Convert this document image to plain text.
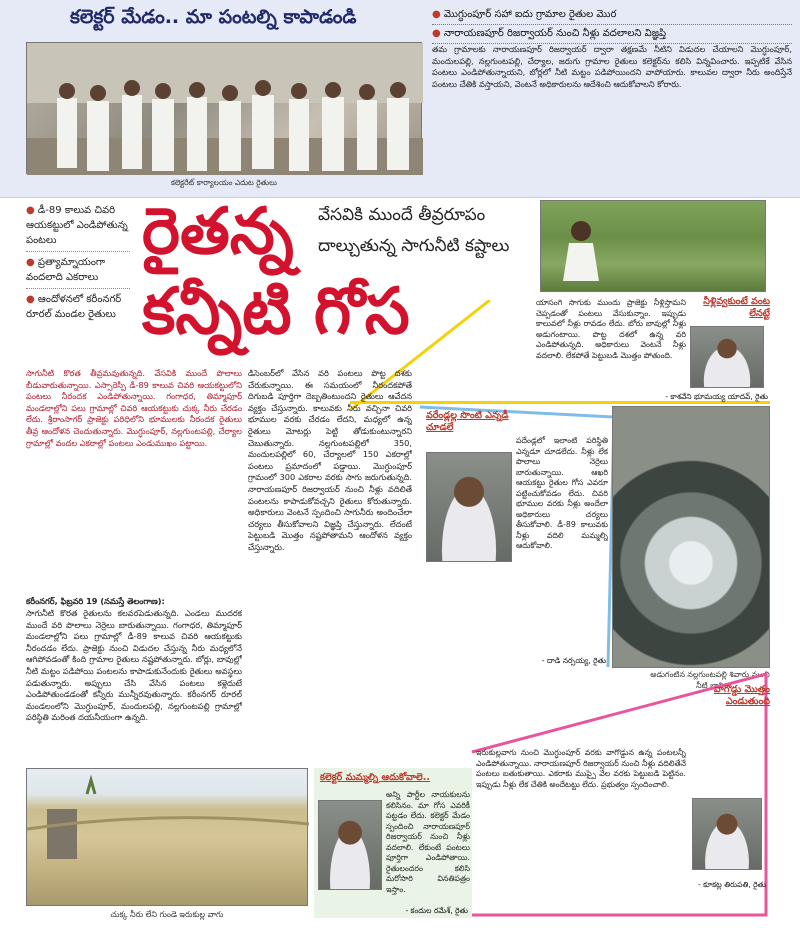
కలెక్టర్ మేడం.. మా పంటల్ని కాపాడండి
కలెక్టరేట్ కార్యాలయం ఎదుట రైతులు
● మొగ్ధుంపూర్ సహా ఐదు గ్రామాల రైతుల మొర
● నారాయణపూర్ రిజర్వాయర్ నుంచి నీళ్లు వదలాలని విజ్ఞప్తి
తమ గ్రామాలకు నారాయణపూర్ రిజర్వాయర్ ద్వారా తక్షణమే నీటిని విడుదల చేయాలని మొగ్ధుంపూర్, మందులపల్లి, నల్లగుంటపల్లి, చేర్యాల, జరుగు గ్రామాల రైతులు కలెక్టర్‌ను కలిసి విన్నవించారు. ఇప్పటికే వేసిన పంటలు ఎండిపోతున్నాయని, బోర్లలో నీటి మట్టం పడిపోయిందని వాపోయారు. కాలువల ద్వారా నీరు అందిస్తేనే పంటలు చేతికి వస్తాయని, వెంటనే అధికారులను ఆదేశించి ఆదుకోవాలని కోరారు.
● డీ-89 కాలువ చివరి ఆయకట్టులో ఎండిపోతున్న పంటలు
● ప్రత్యామ్నాయంగా వందలాది ఎకరాలు
● ఆందోళనలో కరీంనగర్ రూరల్ మండల రైతులు
వేసవికి ముందే తీవ్రరూపం
దాల్చుతున్న సాగునీటి కష్టాలు
రైతన్న
కన్నీటి గోస	నీళ్లివ్వకుంటే వంట లేనట్టే
యాసంగి సాగుకు ముందు ప్రాజెక్టు నీళ్లిస్తామని చెప్పడంతో పంటలు వేసుకున్నాం. ఇప్పుడు కాలువలో నీళ్లు రావడం లేదు. బోరు బావుల్లో నీళ్లు అడుగంటాయి. పొట్ట దశలో ఉన్న వరి ఎండిపోతున్నది. అధికారులు వెంటనే నీళ్లు వదలాలి. లేకపోతే పెట్టుబడి మొత్తం పోతుంది.
- కాశవేని భూమయ్య యాదవ్, రైతు
వరేండ్లల్ల సొంటి ఎన్నడీ చూడలే
పదేండ్లలో ఇలాంటి పరిస్థితి ఎన్నడూ చూడలేదు. నీళ్లు లేక పొలాలు నెర్రెలు బారుతున్నాయి. ఆఖరి ఆయకట్టు రైతుల గోస ఎవరూ పట్టించుకోవడం లేదు. చివరి భూముల వరకు నీళ్లు అందేలా అధికారులు చర్యలు తీసుకోవాలి. డీ-89 కాలువకు నీళ్లు వదిలి మమ్మల్ని ఆదుకోవాలి.
- దాడి నర్సయ్య, రైతు
అడుగంటిన నల్లగుంటపల్లి శివారు మంచి నీటి బావి
వాగొడ్డు మొత్తం ఎండుతుంది
ఇరుకుల్లవాగు నుంచి మొగ్ధుంపూర్ వరకు వాగొడ్డున ఉన్న పంటలన్నీ ఎండిపోతున్నాయి. నారాయణపూర్ రిజర్వాయర్ నుంచి నీళ్లు వదిలితేనే పంటలు బతుకుతాయి. ఎకరాకు ముప్పై వేల వరకు పెట్టుబడి పెట్టినం. ఇప్పుడు నీళ్లు లేక చేతికి అందేటట్టు లేదు. ప్రభుత్వం స్పందించాలి.
- కూకట్ల తిరుపతి, రైతు
సాగునీటి కొరత తీవ్రమవుతున్నది. వేసవికి ముందే పొలాలు బీడువారుతున్నాయి. ఎస్సారెస్పీ డీ-89 కాలువ చివరి ఆయకట్టులోని పంటలు నీరందక ఎండిపోతున్నాయి. గంగాధర, తిమ్మాపూర్ మండలాల్లోని పలు గ్రామాల్లో చివరి ఆయకట్టుకు చుక్క నీరు చేరడం లేదు. శ్రీరాంసాగర్ ప్రాజెక్టు పరిధిలోని భూములకు నీరందక రైతులు తీవ్ర ఆందోళన చెందుతున్నారు. మొగ్ధుంపూర్, నల్లగుంటపల్లి, చేర్యాల గ్రామాల్లో వందల ఎకరాల్లో పంటలు ఎండుముఖం పట్టాయి.
కరీంనగర్, ఫిబ్రవరి 19 (నమస్తే తెలంగాణ):
సాగునీటి కొరత రైతులను కలవరపెడుతున్నది. ఎండలు ముదరక ముందే వరి పొలాలు నెర్రెలు బారుతున్నాయి. గంగాధర, తిమ్మాపూర్ మండలాల్లోని పలు గ్రామాల్లో డీ-89 కాలువ చివరి ఆయకట్టుకు నీరందడం లేదు. ప్రాజెక్టు నుంచి విడుదల చేస్తున్న నీరు మధ్యలోనే ఆగిపోవడంతో కింది గ్రామాల రైతులు నష్టపోతున్నారు. బోర్లు, బావుల్లో నీటి మట్టం పడిపోయి పంటలను కాపాడుకునేందుకు రైతులు అవస్థలు పడుతున్నారు. అప్పులు చేసి వేసిన పంటలు కళ్లెదుటే ఎండిపోతుండడంతో కన్నీరు మున్నీరవుతున్నారు. కరీంనగర్ రూరల్ మండలంలోని మొగ్ధుంపూర్, మందులపల్లి, నల్లగుంటపల్లి గ్రామాల్లో పరిస్థితి మరింత దయనీయంగా ఉన్నది.
డిసెంబర్‌లో వేసిన వరి పంటలు పొట్ట దశకు చేరుకున్నాయి. ఈ సమయంలో నీరందకపోతే దిగుబడి పూర్తిగా దెబ్బతింటుందని రైతులు ఆవేదన వ్యక్తం చేస్తున్నారు. కాలువకు నీరు వచ్చినా చివరి భూముల వరకు చేరడం లేదని, మధ్యలో ఉన్న రైతులు మోటర్లు పెట్టి తోడుకుంటున్నారని చెబుతున్నారు. నల్లగుంటపల్లిలో 350, మందులపల్లిలో 60, చేర్యాలలో 150 ఎకరాల్లో పంటలు ప్రమాదంలో పడ్డాయి. మొగ్ధుంపూర్ గ్రామంలో 300 ఎకరాల వరకు సాగు జరుగుతున్నది. నారాయణపూర్ రిజర్వాయర్ నుంచి నీళ్లు వదిలితే పంటలను కాపాడుకోవచ్చని రైతులు కోరుతున్నారు. అధికారులు వెంటనే స్పందించి సాగునీరు అందించేలా చర్యలు తీసుకోవాలని విజ్ఞప్తి చేస్తున్నారు. లేదంటే పెట్టుబడి మొత్తం నష్టపోతామని ఆందోళన వ్యక్తం చేస్తున్నారు.
చుక్క నీరు లేని గుండె ఇరుకుల్ల వాగు
కలెక్టర్ మమ్మల్ని ఆదుకోవాలె..
అన్ని పార్టీల నాయకులను కలిసినం. మా గోస ఎవరికీ పట్టడం లేదు. కలెక్టర్ మేడం స్పందించి నారాయణపూర్ రిజర్వాయర్ నుంచి నీళ్లు వదలాలి. లేకుంటే పంటలు పూర్తిగా ఎండిపోతాయి. రైతులందరం కలిసి మరోసారి వినతిపత్రం ఇస్తాం.
- కందుల రమేశ్, రైతు
